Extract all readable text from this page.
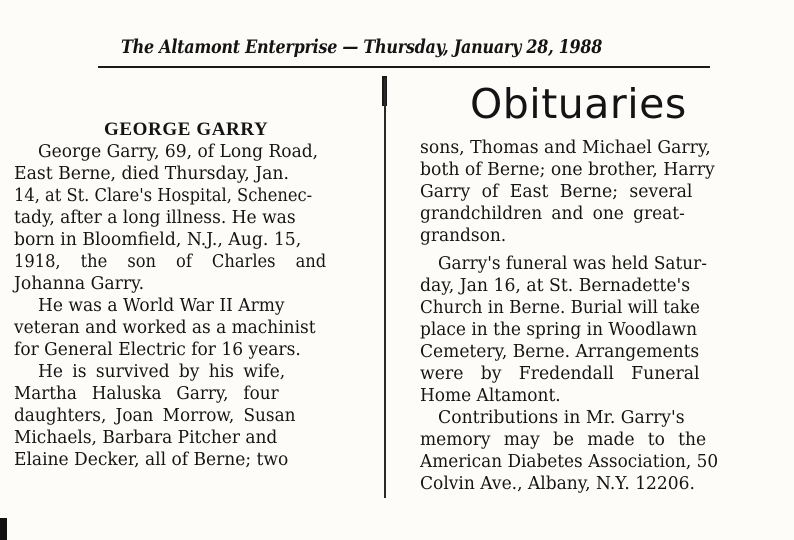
The Altamont Enterprise — Thursday, January 28, 1988
Obituaries
GEORGE GARRY
George Garry, 69, of Long Road,
East Berne, died Thursday, Jan.
14, at St. Clare's Hospital, Schenec-
tady, after a long illness. He was
born in Bloomfield, N.J., Aug. 15,
1918, the son of Charles and
Johanna Garry.
He was a World War II Army
veteran and worked as a machinist
for General Electric for 16 years.
He is survived by his wife,
Martha Haluska Garry, four
daughters, Joan Morrow, Susan
Michaels, Barbara Pitcher and
Elaine Decker, all of Berne; two
sons, Thomas and Michael Garry,
both of Berne; one brother, Harry
Garry of East Berne; several
grandchildren and one great-
grandson.
Garry's funeral was held Satur-
day, Jan 16, at St. Bernadette's
Church in Berne. Burial will take
place in the spring in Woodlawn
Cemetery, Berne. Arrangements
were by Fredendall Funeral
Home Altamont.
Contributions in Mr. Garry's
memory may be made to the
American Diabetes Association, 50
Colvin Ave., Albany, N.Y. 12206.
